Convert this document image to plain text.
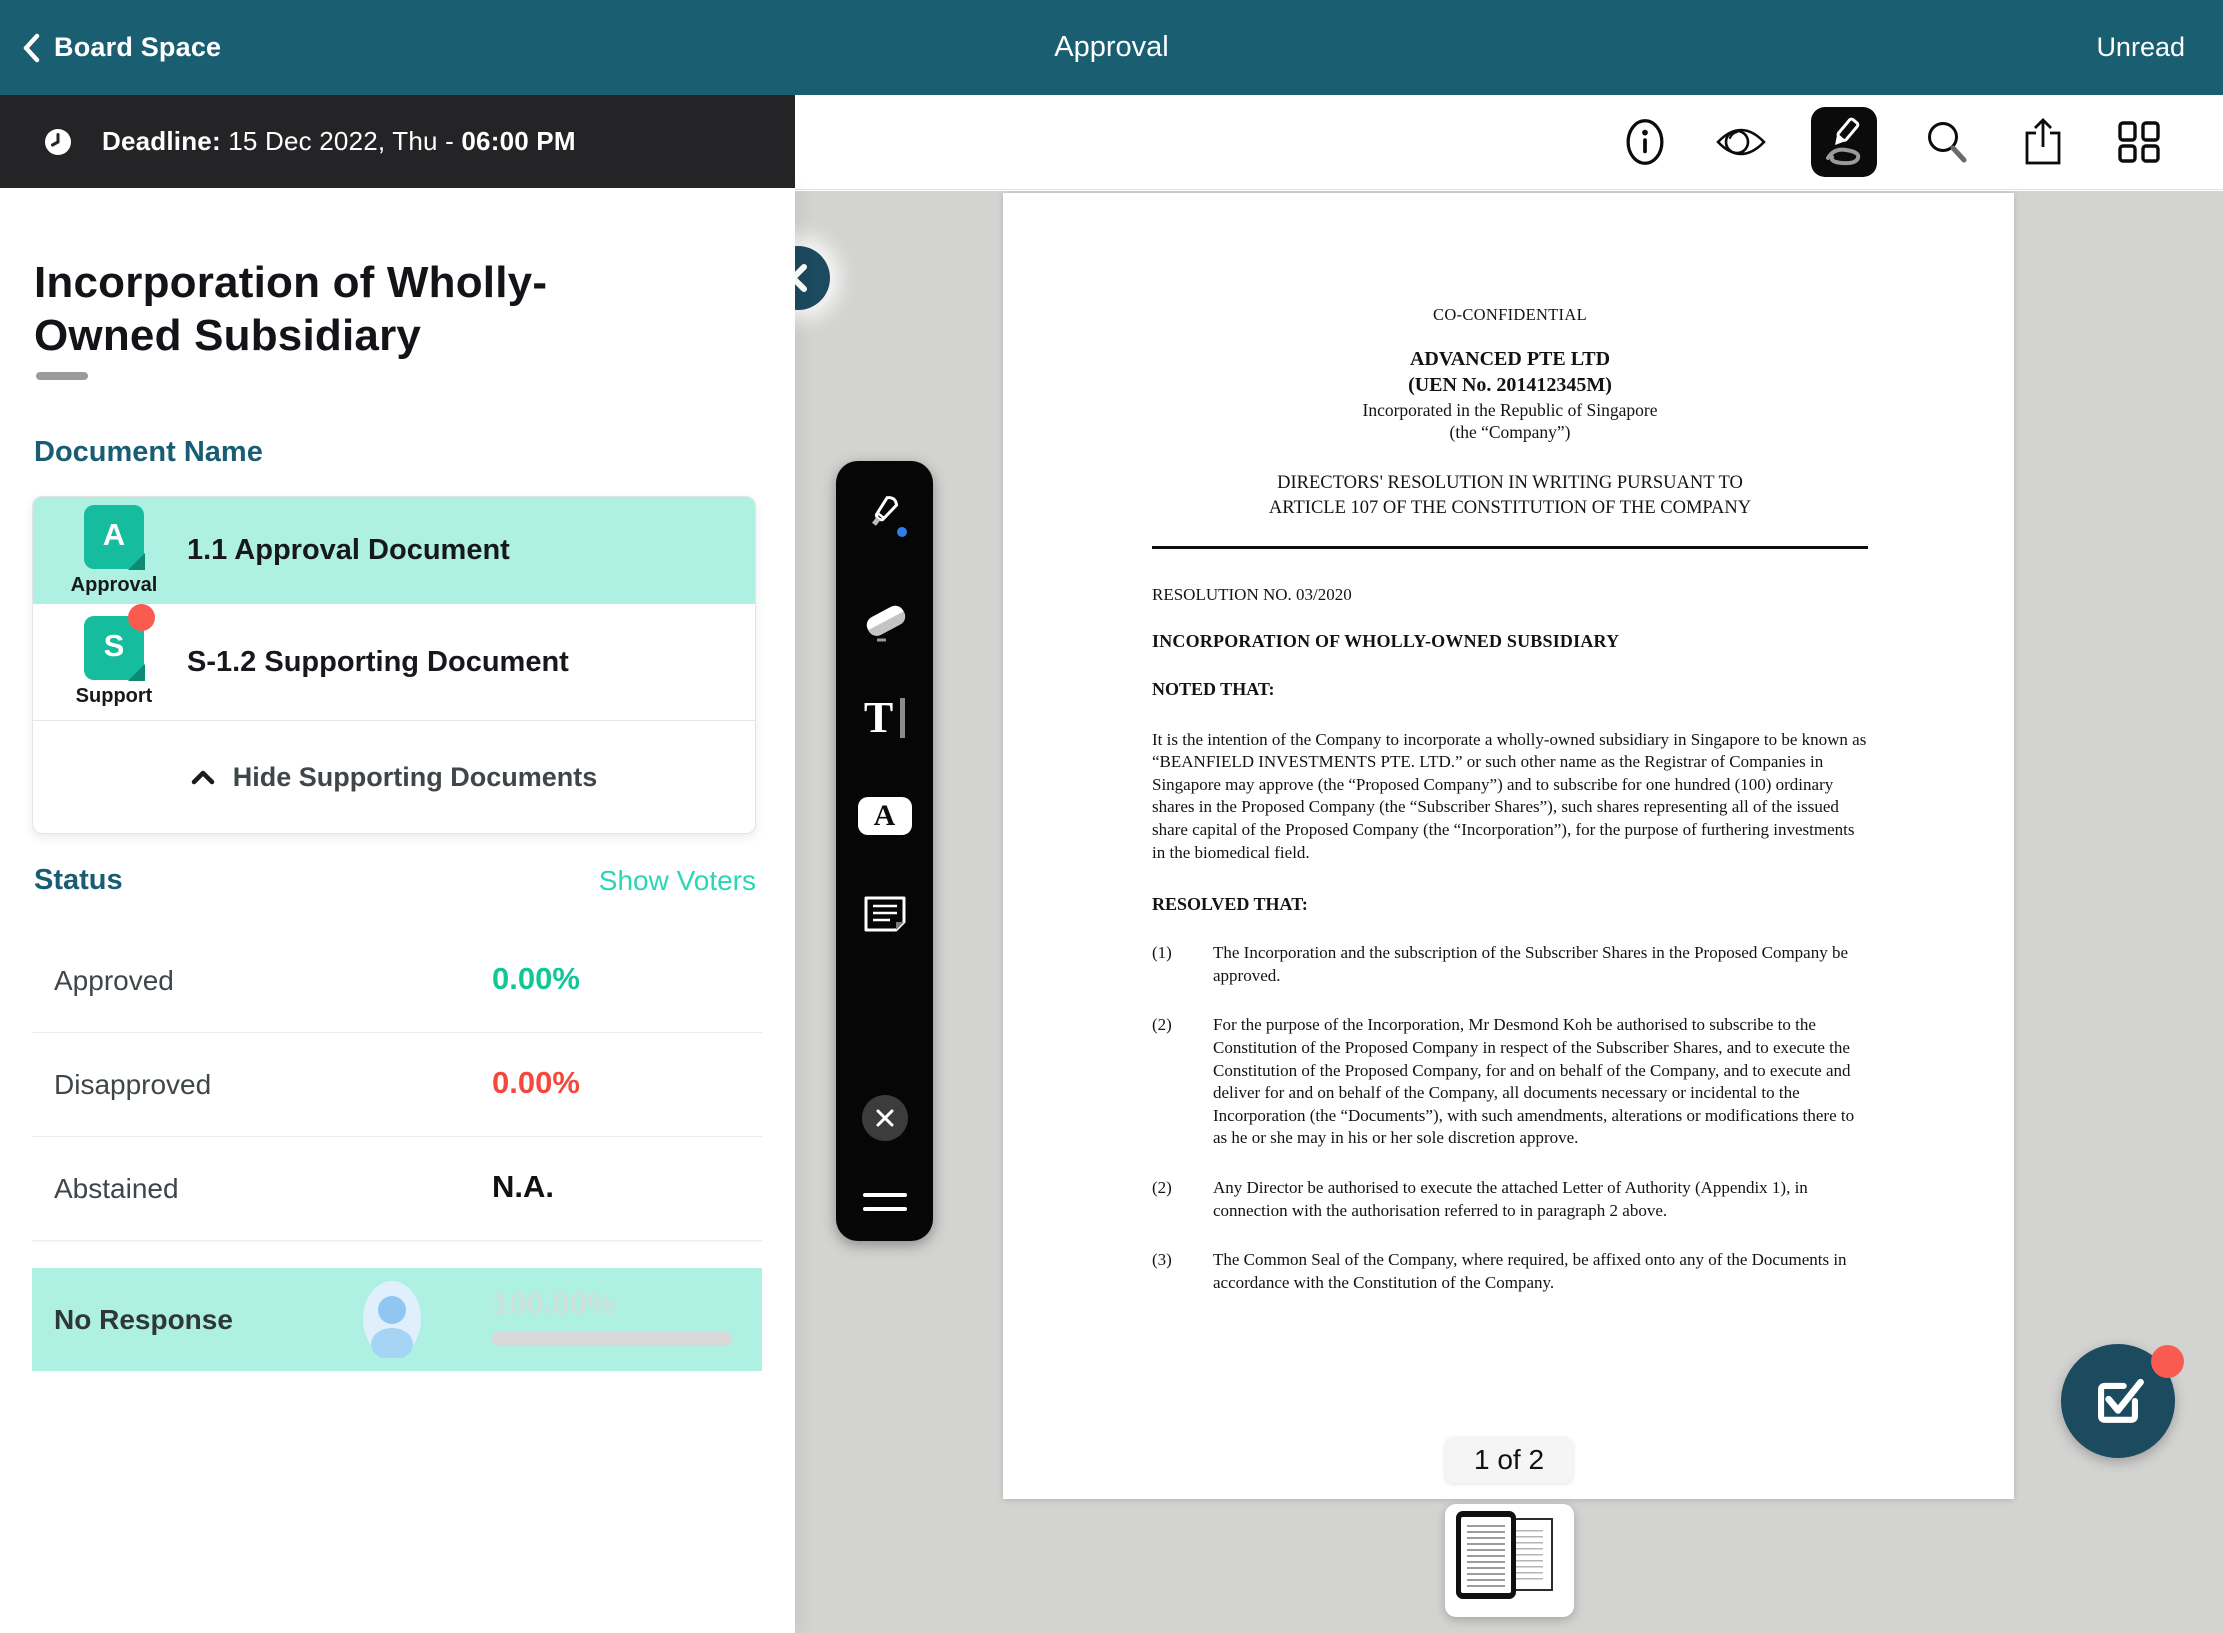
Board Space	Approval	Unread
Deadline: 15 Dec 2022, Thu - 06:00 PM
Incorporation of Wholly-Owned Subsidiary
Document Name
A
Approval
1.1 Approval Document
S
Support
S-1.2 Supporting Document
Hide Supporting Documents
Status	Show Voters
Approved	0.00%
Disapproved	0.00%
Abstained	N.A.
No Response	100.00%
CO-CONFIDENTIAL
ADVANCED PTE LTD
(UEN No. 201412345M)
Incorporated in the Republic of Singapore
(the “Company”)
DIRECTORS' RESOLUTION IN WRITING PURSUANT TO
ARTICLE 107 OF THE CONSTITUTION OF THE COMPANY
RESOLUTION NO. 03/2020
INCORPORATION OF WHOLLY-OWNED SUBSIDIARY
NOTED THAT:

It is the intention of the Company to incorporate a wholly-owned subsidiary in Singapore to be known as “BEANFIELD INVESTMENTS PTE. LTD.” or such other name as the Registrar of Companies in Singapore may approve (the “Proposed Company”) and to subscribe for one hundred (100) ordinary shares in the Proposed Company (the “Subscriber Shares”), such shares representing all of the issued share capital of the Proposed Company (the “Incorporation”), for the purpose of furthering investments in the biomedical field.

RESOLVED THAT:
(1)	The Incorporation and the subscription of the Subscriber Shares in the Proposed Company be approved.
(2)	For the purpose of the Incorporation, Mr Desmond Koh be authorised to subscribe to the Constitution of the Proposed Company in respect of the Subscriber Shares, and to execute the Constitution of the Proposed Company, for and on behalf of the Company, and to execute and deliver for and on behalf of the Company, all documents necessary or incidental to the Incorporation (the “Documents”), with such amendments, alterations or modifications there to as he or she may in his or her sole discretion approve.
(2)	Any Director be authorised to execute the attached Letter of Authority (Appendix 1), in connection with the authorisation referred to in paragraph 2 above.
(3)	The Common Seal of the Company, where required, be affixed onto any of the Documents in accordance with the Constitution of the Company.
1 of 2
T
A
